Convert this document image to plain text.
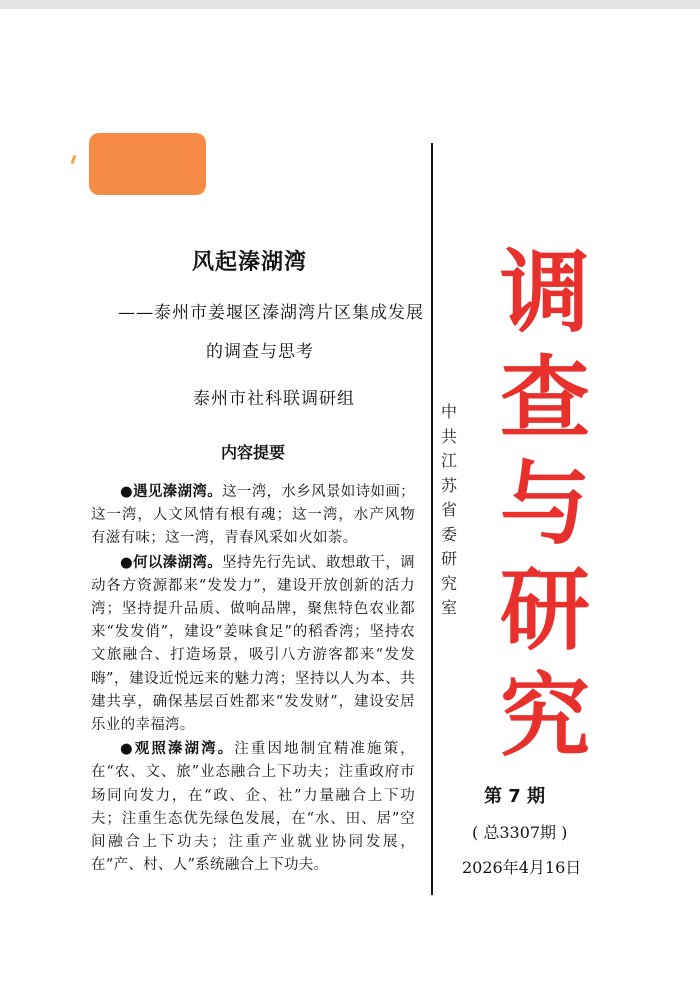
风起溱湖湾
——泰州市姜堰区溱湖湾片区集成发展
的调查与思考
泰州市社科联调研组
内容提要

●遇见溱湖湾。这一湾，水乡风景如诗如画；这一湾，人文风情有根有魂；这一湾，水产风物有滋有味；这一湾，青春风采如火如荼。

●何以溱湖湾。坚持先行先试、敢想敢干，调动各方资源都来“发发力”，建设开放创新的活力湾；坚持提升品质、做响品牌，聚焦特色农业都来“发发俏”，建设“姜味食足”的稻香湾；坚持农文旅融合、打造场景，吸引八方游客都来“发发嗨”，建设近悦远来的魅力湾；坚持以人为本、共建共享，确保基层百姓都来“发发财”，建设安居乐业的幸福湾。

●观照溱湖湾。注重因地制宜精准施策，在“农、文、旅”业态融合上下功夫；注重政府市场同向发力，在“政、企、社”力量融合上下功夫；注重生态优先绿色发展，在“水、田、居”空间融合上下功夫；注重产业就业协同发展，在“产、村、人”系统融合上下功夫。

中
共
江
苏
省
委
研
究
室
调
查
与
研
究
第 7 期
( 总3307期 )
2026年4月16日
